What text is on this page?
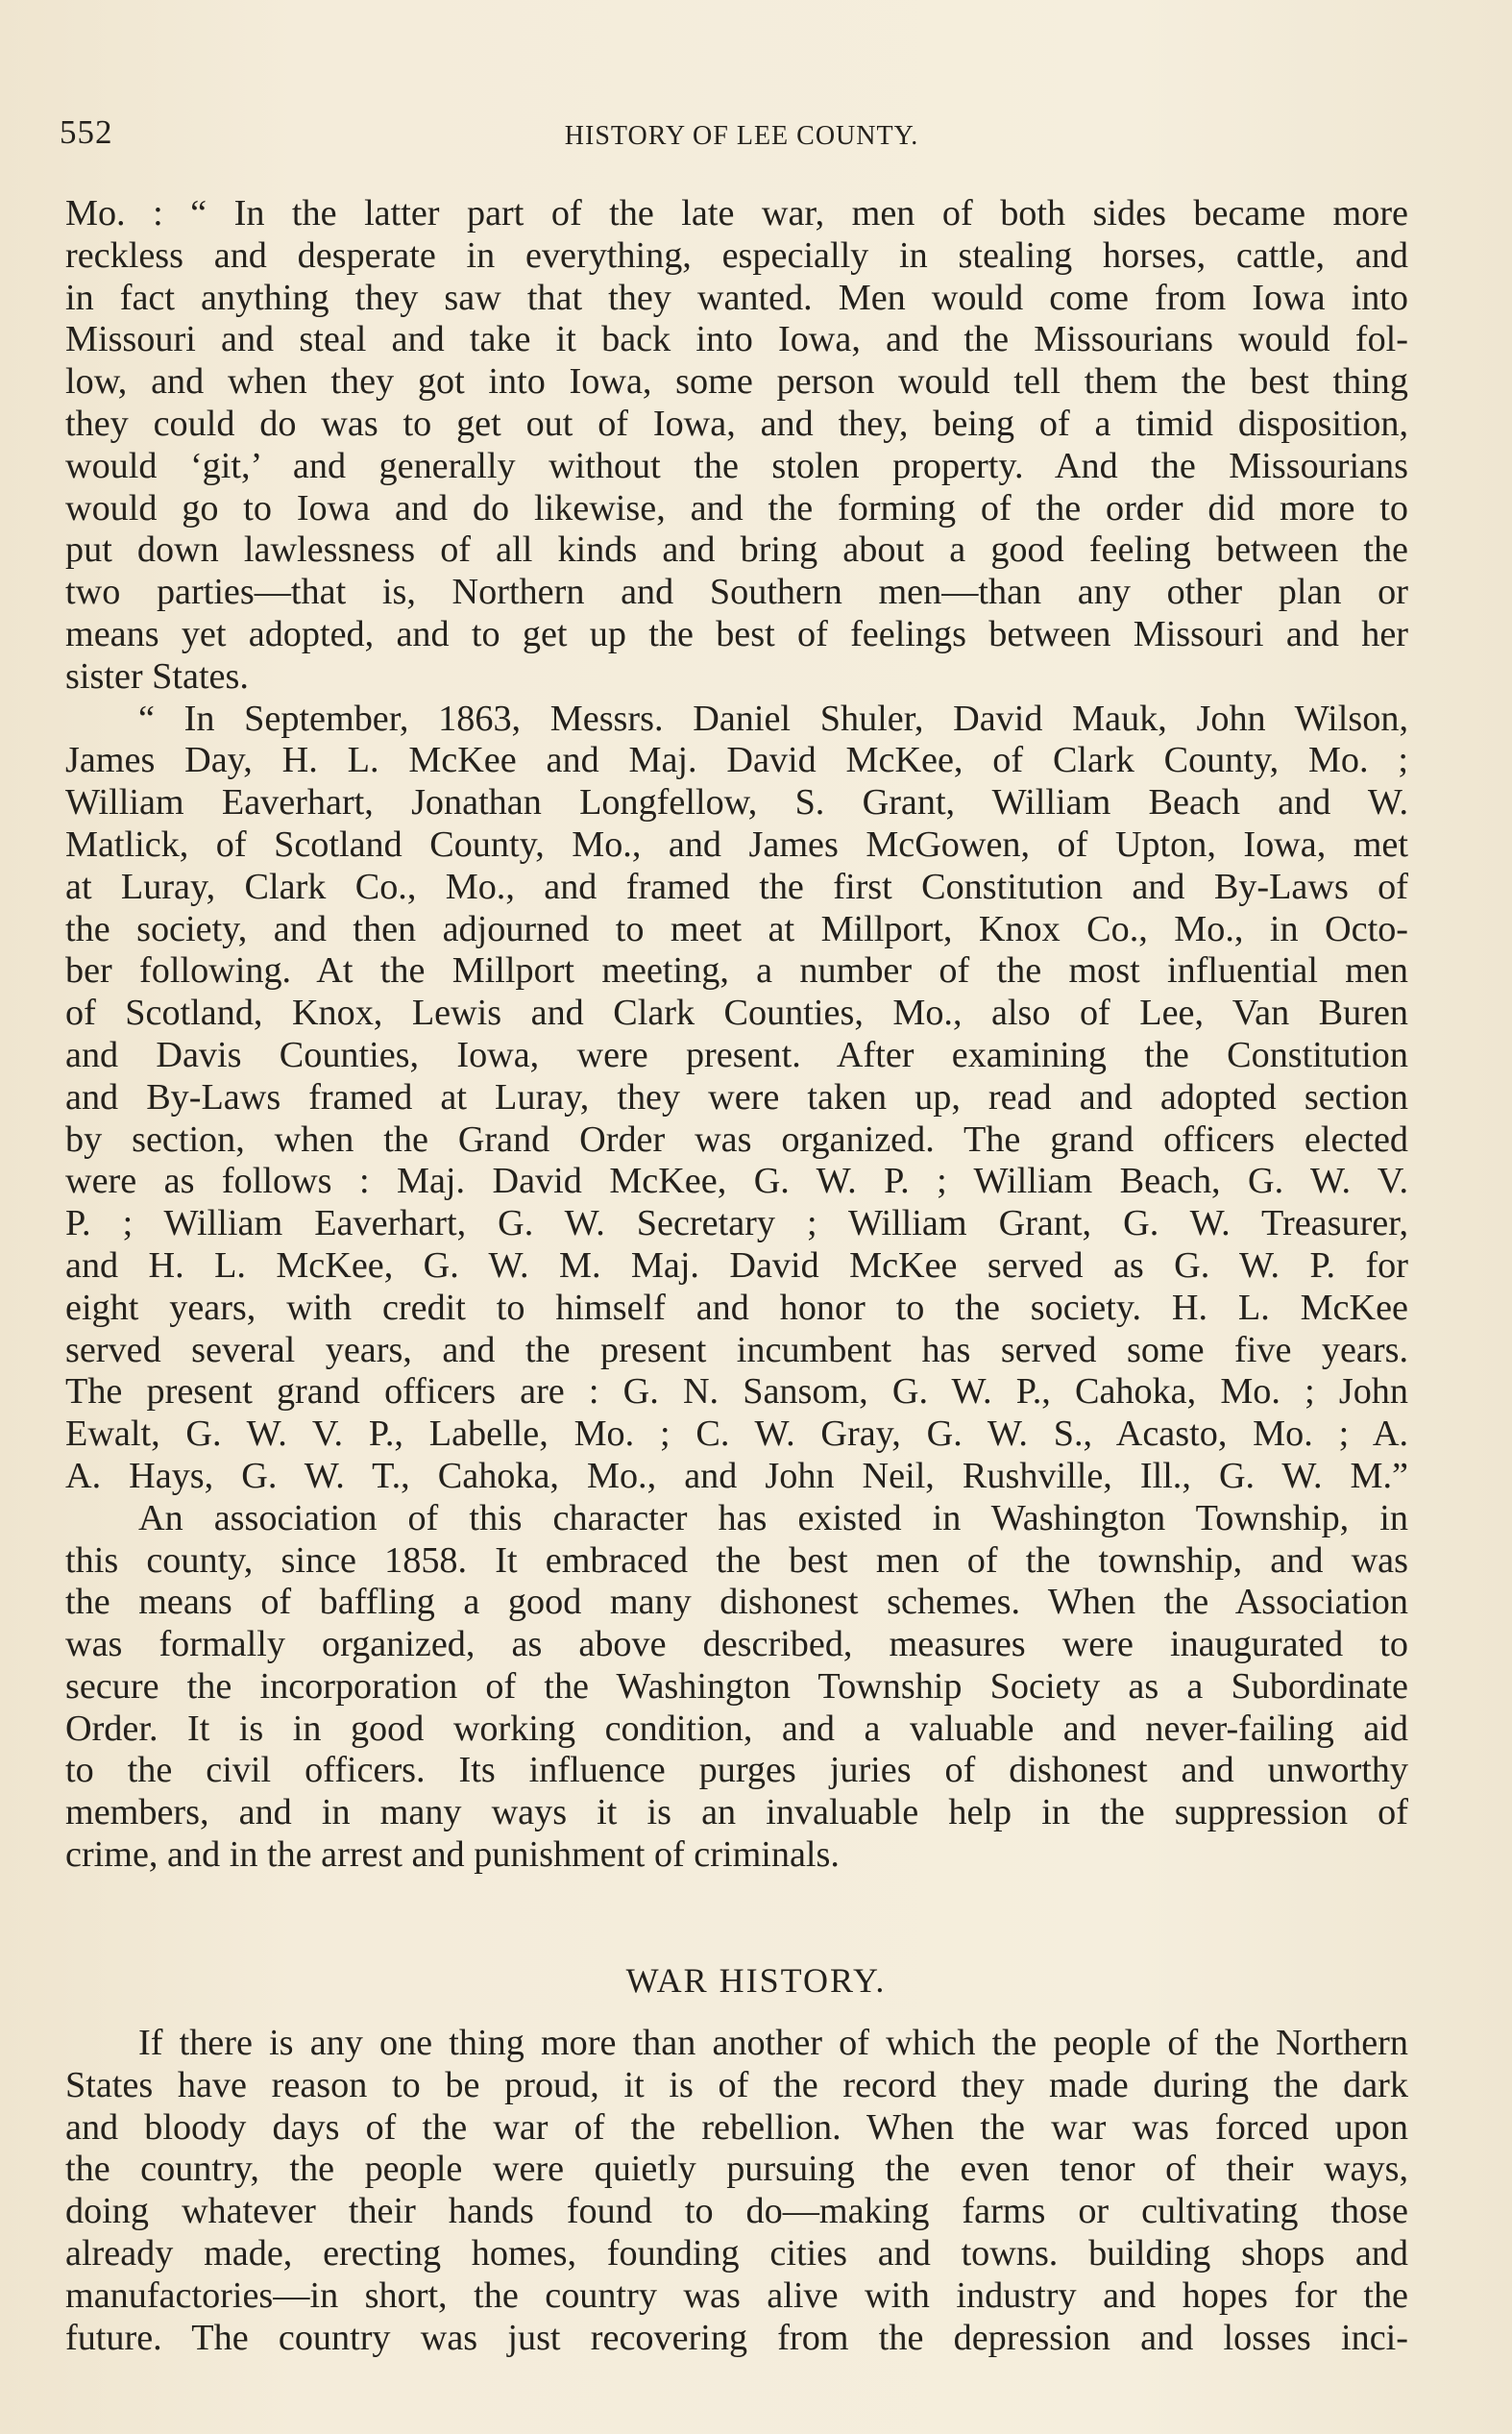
552	HISTORY OF LEE COUNTY.
Mo. : “ In the latter part of the late war, men of both sides became more
reckless and desperate in everything, especially in stealing horses, cattle, and
in fact anything they saw that they wanted. Men would come from Iowa into
Missouri and steal and take it back into Iowa, and the Missourians would fol-
low, and when they got into Iowa, some person would tell them the best thing
they could do was to get out of Iowa, and they, being of a timid disposition,
would ‘git,’ and generally without the stolen property. And the Missourians
would go to Iowa and do likewise, and the forming of the order did more to
put down lawlessness of all kinds and bring about a good feeling between the
two parties—that is, Northern and Southern men—than any other plan or
means yet adopted, and to get up the best of feelings between Missouri and her
sister States.
“ In September, 1863, Messrs. Daniel Shuler, David Mauk, John Wilson,
James Day, H. L. McKee and Maj. David McKee, of Clark County, Mo. ;
William Eaverhart, Jonathan Longfellow, S. Grant, William Beach and W.
Matlick, of Scotland County, Mo., and James McGowen, of Upton, Iowa, met
at Luray, Clark Co., Mo., and framed the first Constitution and By-Laws of
the society, and then adjourned to meet at Millport, Knox Co., Mo., in Octo-
ber following. At the Millport meeting, a number of the most influential men
of Scotland, Knox, Lewis and Clark Counties, Mo., also of Lee, Van Buren
and Davis Counties, Iowa, were present. After examining the Constitution
and By-Laws framed at Luray, they were taken up, read and adopted section
by section, when the Grand Order was organized. The grand officers elected
were as follows : Maj. David McKee, G. W. P. ; William Beach, G. W. V.
P. ; William Eaverhart, G. W. Secretary ; William Grant, G. W. Treasurer,
and H. L. McKee, G. W. M. Maj. David McKee served as G. W. P. for
eight years, with credit to himself and honor to the society. H. L. McKee
served several years, and the present incumbent has served some five years.
The present grand officers are : G. N. Sansom, G. W. P., Cahoka, Mo. ; John
Ewalt, G. W. V. P., Labelle, Mo. ; C. W. Gray, G. W. S., Acasto, Mo. ; A.
A. Hays, G. W. T., Cahoka, Mo., and John Neil, Rushville, Ill., G. W. M.”
An association of this character has existed in Washington Township, in
this county, since 1858. It embraced the best men of the township, and was
the means of baffling a good many dishonest schemes. When the Association
was formally organized, as above described, measures were inaugurated to
secure the incorporation of the Washington Township Society as a Subordinate
Order. It is in good working condition, and a valuable and never-failing aid
to the civil officers. Its influence purges juries of dishonest and unworthy
members, and in many ways it is an invaluable help in the suppression of
crime, and in the arrest and punishment of criminals.
WAR HISTORY.
If there is any one thing more than another of which the people of the Northern
States have reason to be proud, it is of the record they made during the dark
and bloody days of the war of the rebellion. When the war was forced upon
the country, the people were quietly pursuing the even tenor of their ways,
doing whatever their hands found to do—making farms or cultivating those
already made, erecting homes, founding cities and towns. building shops and
manufactories—in short, the country was alive with industry and hopes for the
future. The country was just recovering from the depression and losses inci-
